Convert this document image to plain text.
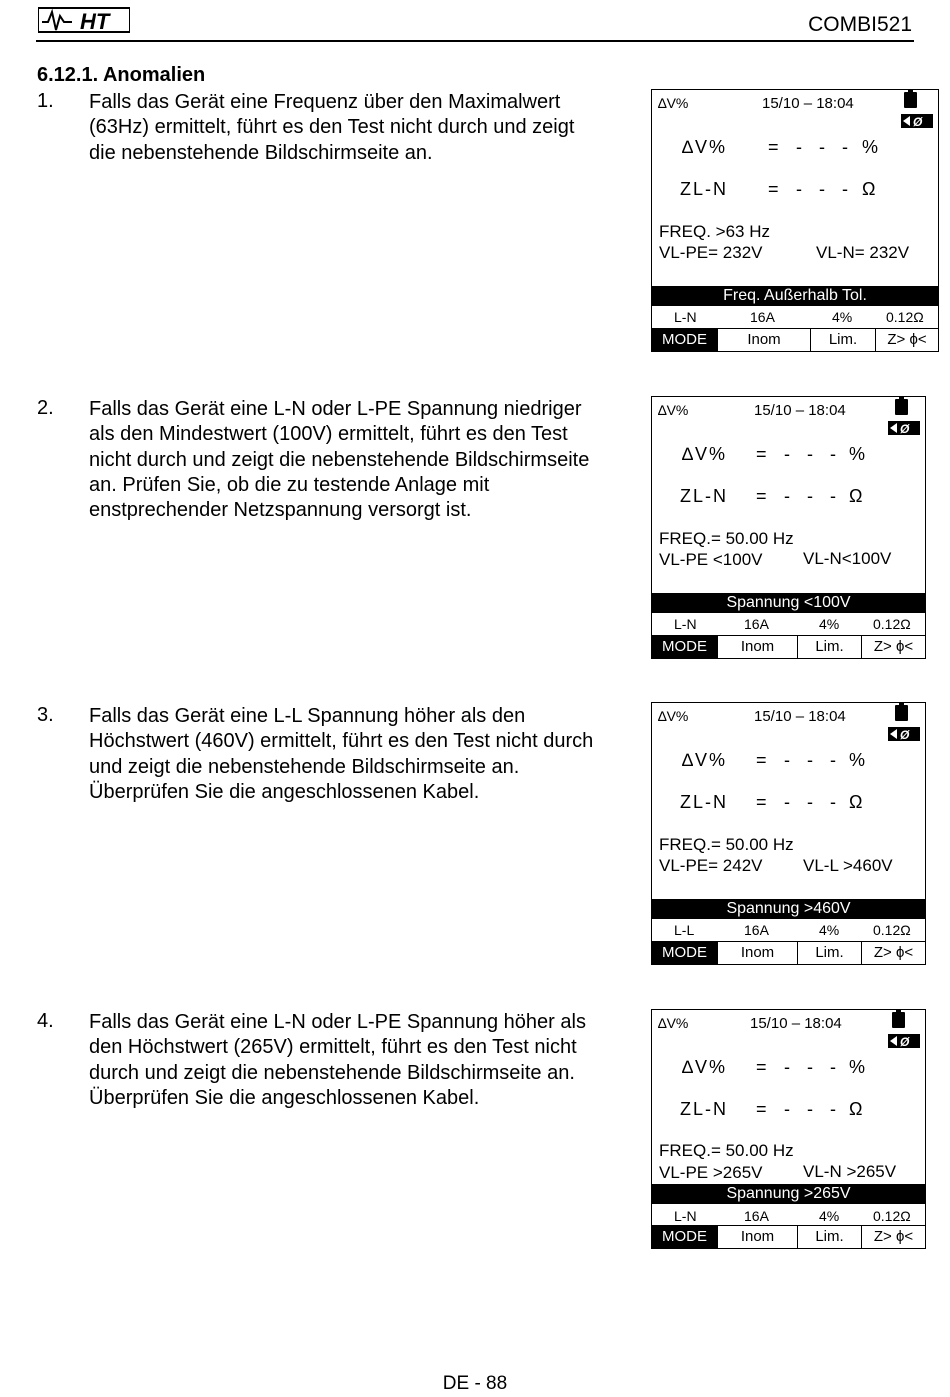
HT	COMBI521
6.12.1. Anomalien
1. Falls das Gerät eine Frequenz über den Maximalwert
(63Hz) ermittelt, führt es den Test nicht durch und zeigt
die nebenstehende Bildschirmseite an.
∆V%	15/10 – 18:04
Ø
∆V% = - - - %
ZL-N = - - - Ω
FREQ. >63 Hz
VL-PE= 232V	VL-N= 232V
Freq. Außerhalb Tol.
L-N	16A	4% 0.12Ω
MODE	Inom	Lim.	Z> ϕ<
2. Falls das Gerät eine L-N oder L-PE Spannung niedriger
als den Mindestwert (100V) ermittelt, führt es den Test
nicht durch und zeigt die nebenstehende Bildschirmseite
an. Prüfen Sie, ob die zu testende Anlage mit
enstprechender Netzspannung versorgt ist.
∆V%	15/10 – 18:04
Ø
∆V% = - - - %
ZL-N = - - - Ω
FREQ.= 50.00 Hz
VL-PE <100V VL-N<100V
Spannung <100V
L-N	16A	4% 0.12Ω
MODE	Inom	Lim.	Z> ϕ<
3. Falls das Gerät eine L-L Spannung höher als den
Höchstwert (460V) ermittelt, führt es den Test nicht durch
und zeigt die nebenstehende Bildschirmseite an.
Überprüfen Sie die angeschlossenen Kabel.
∆V%	15/10 – 18:04
Ø
∆V% = - - - %
ZL-N = - - - Ω
FREQ.= 50.00 Hz
VL-PE= 242V VL-L >460V
Spannung >460V
L-L	16A	4% 0.12Ω
MODE	Inom	Lim.	Z> ϕ<
4. Falls das Gerät eine L-N oder L-PE Spannung höher als
den Höchstwert (265V) ermittelt, führt es den Test nicht
durch und zeigt die nebenstehende Bildschirmseite an.
Überprüfen Sie die angeschlossenen Kabel.
∆V%	15/10 – 18:04
Ø
∆V% = - - - %
ZL-N = - - - Ω
FREQ.= 50.00 Hz
VL-PE >265V VL-N >265V
Spannung >265V
L-N	16A	4% 0.12Ω
MODE	Inom	Lim.	Z> ϕ<
DE - 88
